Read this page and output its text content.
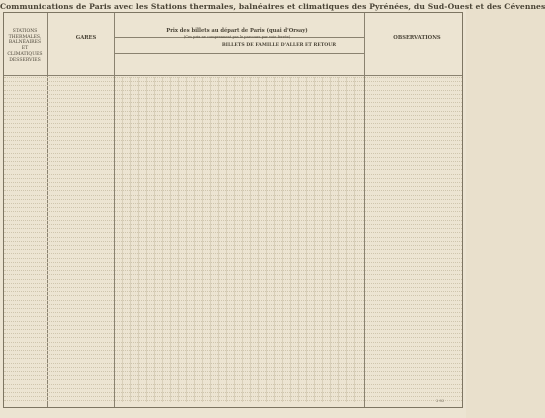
Communications de Paris avec les Stations thermales, balnéaires et climatiques des Pyrénées, du Sud-Ouest et des Cévennes
STATIONS THERMALES, BALNÉAIRES ET CLIMATIQUES DESSERVIES
GARES
Prix des billets au départ de Paris (quai d'Orsay)
(Ces prix ne comprennent pas le parcours par voie ferrée)
BILLETS DE FAMILLE D'ALLER ET RETOUR
OBSERVATIONS
2-83
